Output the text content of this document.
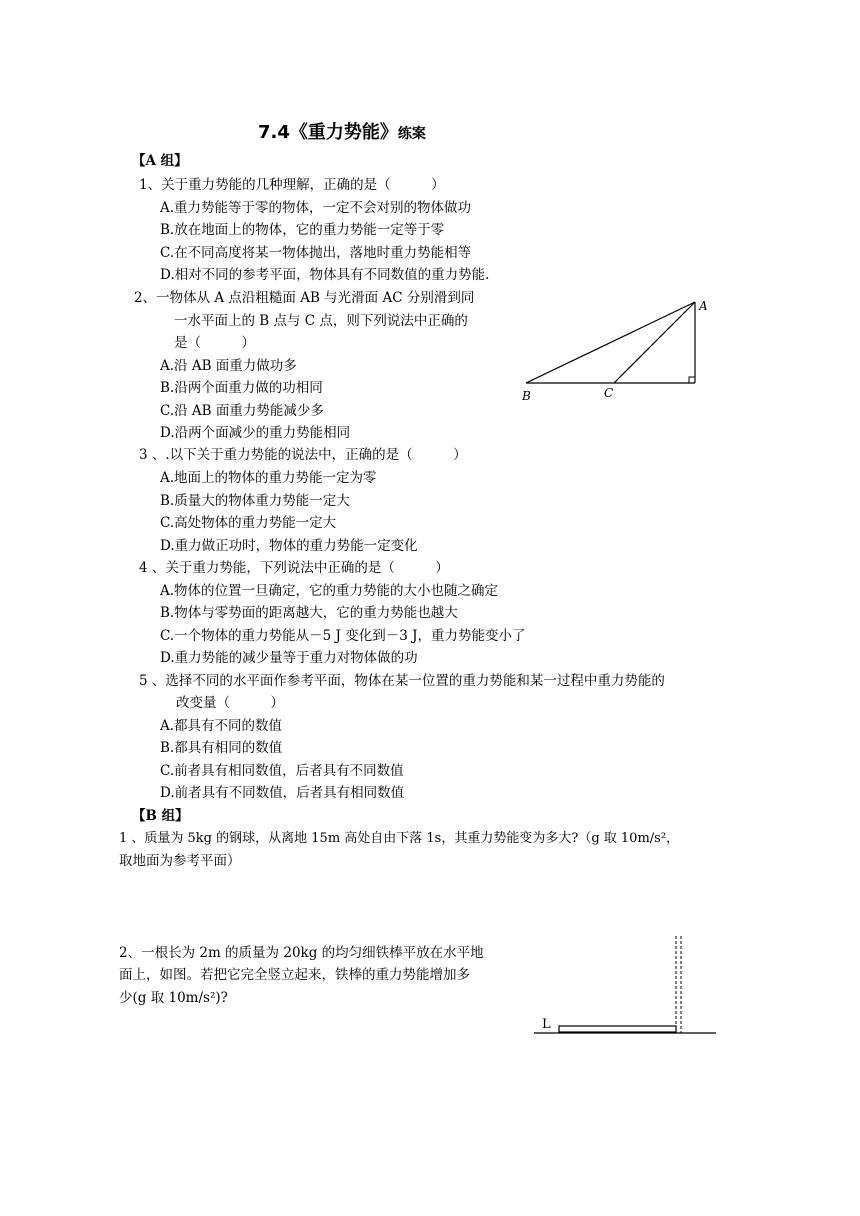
7.4《重力势能》练案
【A 组】
1、关于重力势能的几种理解，正确的是（　　　）
A.重力势能等于零的物体，一定不会对别的物体做功
B.放在地面上的物体，它的重力势能一定等于零
C.在不同高度将某一物体抛出，落地时重力势能相等
D.相对不同的参考平面，物体具有不同数值的重力势能.
2、一物体从 A 点沿粗糙面 AB 与光滑面 AC 分别滑到同
一水平面上的 B 点与 C 点，则下列说法中正确的
是（　　　）
A.沿 AB 面重力做功多
B.沿两个面重力做的功相同
C.沿 AB 面重力势能减少多
D.沿两个面减少的重力势能相同
A
B	C
3 、.以下关于重力势能的说法中，正确的是（　　　）
A.地面上的物体的重力势能一定为零
B.质量大的物体重力势能一定大
C.高处物体的重力势能一定大
D.重力做正功时，物体的重力势能一定变化
4 、关于重力势能，下列说法中正确的是（　　　）
A.物体的位置一旦确定，它的重力势能的大小也随之确定
B.物体与零势面的距离越大，它的重力势能也越大
C.一个物体的重力势能从－5 J 变化到－3 J，重力势能变小了
D.重力势能的减少量等于重力对物体做的功
5 、选择不同的水平面作参考平面，物体在某一位置的重力势能和某一过程中重力势能的
改变量（　　　）
A.都具有不同的数值
B.都具有相同的数值
C.前者具有相同数值，后者具有不同数值
D.前者具有不同数值，后者具有相同数值
【B 组】
1 、质量为 5kg 的钢球，从离地 15m 高处自由下落 1s，其重力势能变为多大?（g 取 10m/s²，
取地面为参考平面）
2、一根长为 2m 的质量为 20kg 的均匀细铁棒平放在水平地
面上，如图。若把它完全竖立起来，铁棒的重力势能增加多
少(g 取 10m/s²)?
L
